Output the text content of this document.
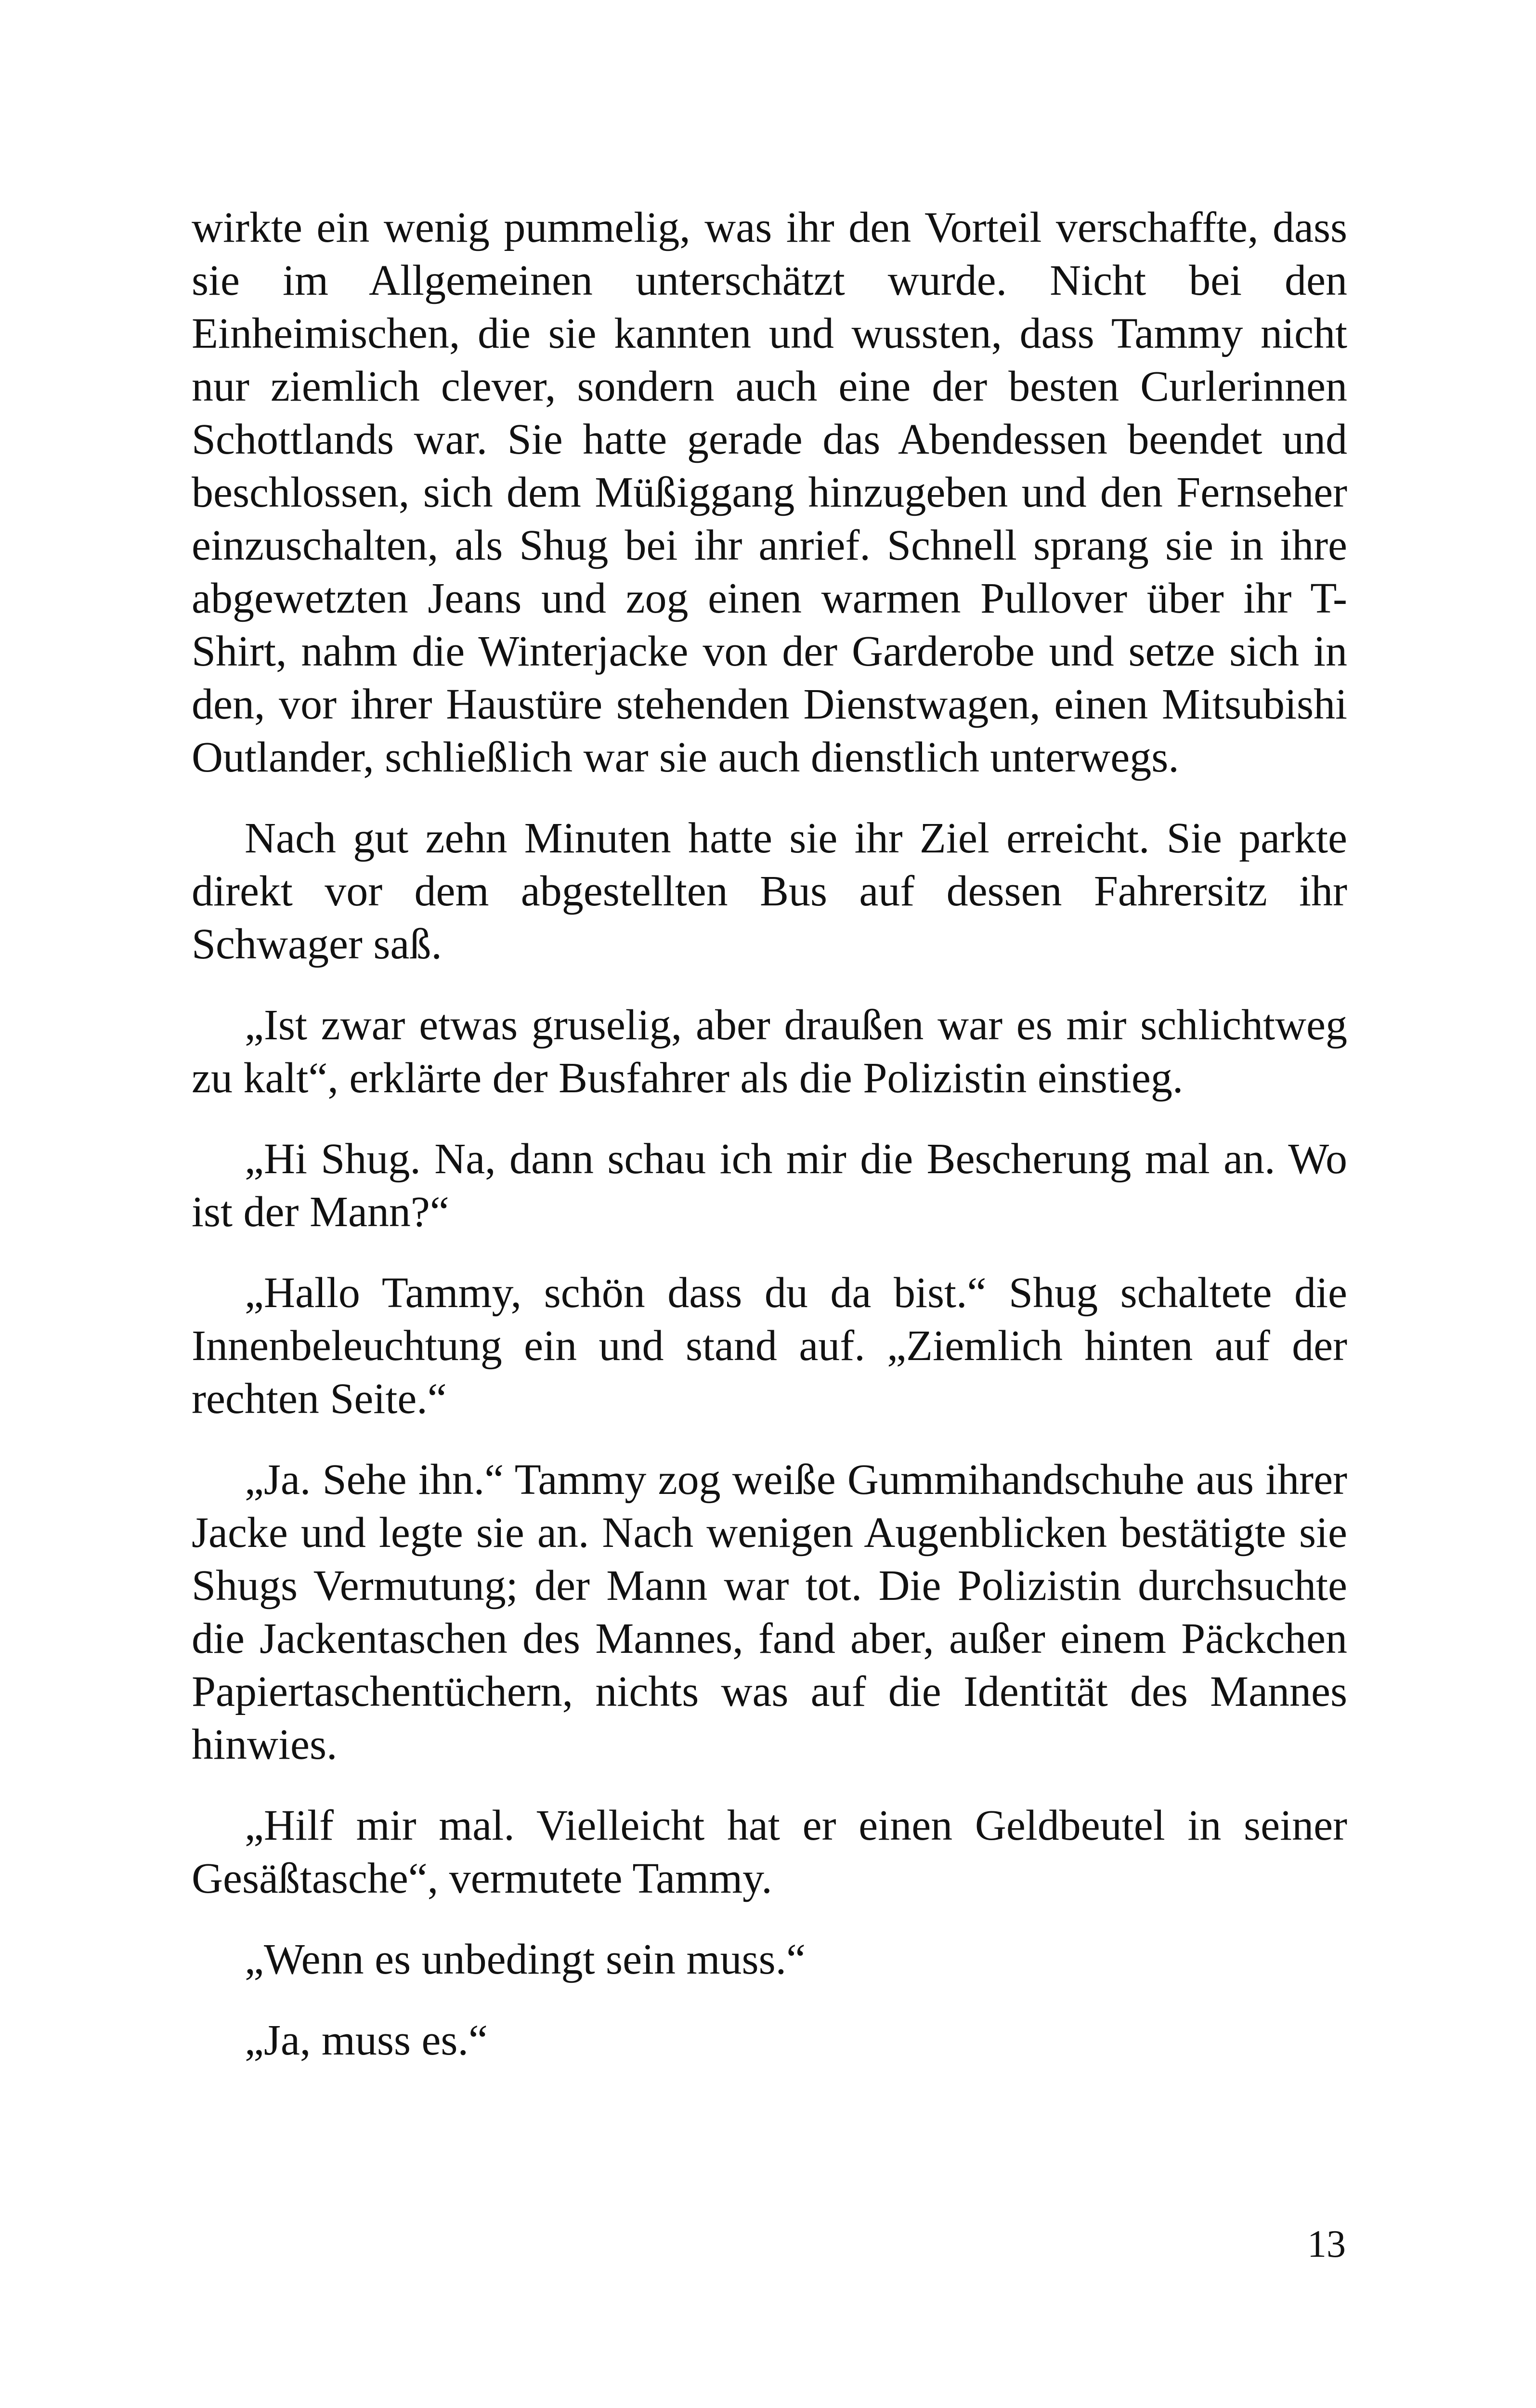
wirkte ein wenig pummelig, was ihr den Vorteil verschaffte, dass sie im Allgemeinen unterschätzt wurde. Nicht bei den Einheimischen, die sie kannten und wussten, dass Tammy nicht nur ziemlich clever, sondern auch eine der besten Curlerinnen Schottlands war. Sie hatte gerade das Abendessen beendet und beschlossen, sich dem Müßiggang hinzugeben und den Fernseher einzuschalten, als Shug bei ihr anrief. Schnell sprang sie in ihre abgewetzten Jeans und zog einen warmen Pullover über ihr T-Shirt, nahm die Winterjacke von der Garderobe und setze sich in den, vor ihrer Haustüre stehenden Dienstwagen, einen Mitsubishi Outlander, schließlich war sie auch dienstlich unterwegs.

Nach gut zehn Minuten hatte sie ihr Ziel erreicht. Sie parkte direkt vor dem abgestellten Bus auf dessen Fahrersitz ihr Schwager saß.

„Ist zwar etwas gruselig, aber draußen war es mir schlichtweg zu kalt“, erklärte der Busfahrer als die Polizistin einstieg.

„Hi Shug. Na, dann schau ich mir die Bescherung mal an. Wo ist der Mann?“

„Hallo Tammy, schön dass du da bist.“ Shug schaltete die Innenbeleuchtung ein und stand auf. „Ziemlich hinten auf der rechten Seite.“

„Ja. Sehe ihn.“ Tammy zog weiße Gummihandschuhe aus ihrer Jacke und legte sie an. Nach wenigen Augenblicken bestätigte sie Shugs Vermutung; der Mann war tot. Die Polizistin durchsuchte die Jackentaschen des Mannes, fand aber, außer einem Päckchen Papiertaschentüchern, nichts was auf die Identität des Mannes hinwies.

„Hilf mir mal. Vielleicht hat er einen Geldbeutel in seiner Gesäßtasche“, vermutete Tammy.

„Wenn es unbedingt sein muss.“

„Ja, muss es.“

13
